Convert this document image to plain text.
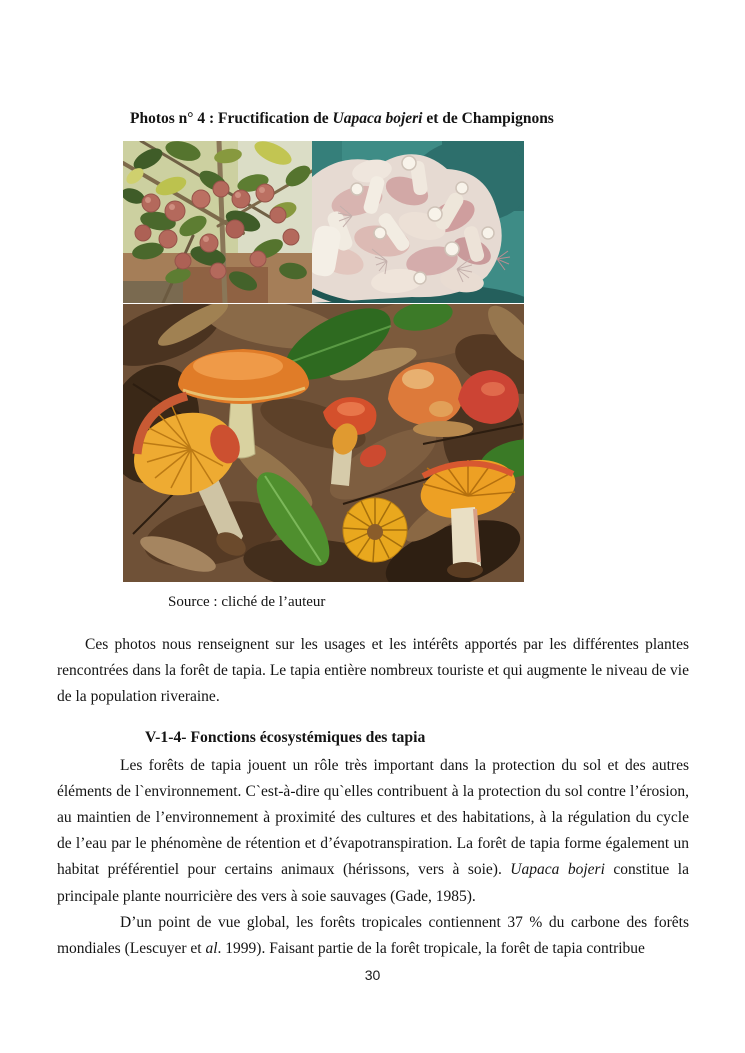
Photos n° 4 : Fructification de Uapaca bojeri et de Champignons

Source : cliché de l’auteur

Ces photos nous renseignent sur les usages et les intérêts apportés par les différentes plantes rencontrées dans la forêt de tapia. Le tapia entière nombreux touriste et qui augmente le niveau de vie de la population riveraine.

V-1-4- Fonctions écosystémiques des tapia

Les forêts de tapia jouent un rôle très important dans la protection du sol et des autres éléments de l`environnement. C`est-à-dire qu`elles contribuent à la protection du sol contre l’érosion, au maintien de l’environnement à proximité des cultures et des habitations, à la régulation du cycle de l’eau par le phénomène de rétention et d’évapotranspiration. La forêt de tapia forme également un habitat préférentiel pour certains animaux (hérissons, vers à soie). Uapaca bojeri constitue la principale plante nourricière des vers à soie sauvages (Gade, 1985).

D’un point de vue global, les forêts tropicales contiennent 37 % du carbone des forêts mondiales (Lescuyer et al. 1999). Faisant partie de la forêt tropicale, la forêt de tapia contribue

30
